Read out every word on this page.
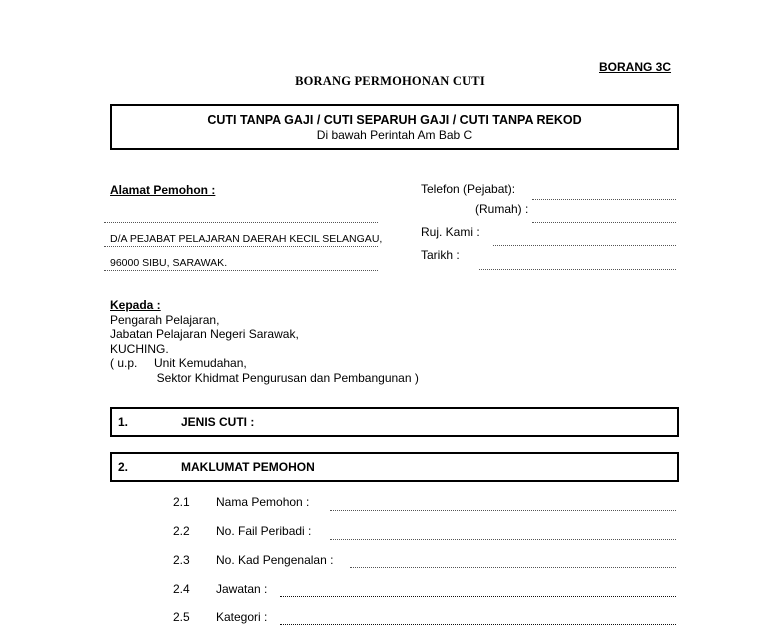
BORANG 3C
BORANG PERMOHONAN CUTI
CUTI TANPA GAJI / CUTI SEPARUH GAJI / CUTI TANPA REKOD
Di bawah Perintah Am Bab C
Alamat Pemohon :
D/A PEJABAT PELAJARAN DAERAH KECIL SELANGAU,
96000 SIBU, SARAWAK.
Telefon (Pejabat):
(Rumah) :
Ruj. Kami :
Tarikh :
Kepada :
Pengarah Pelajaran,
Jabatan Pelajaran Negeri Sarawak,
KUCHING.
( u.p.     Unit Kemudahan,
Sektor Khidmat Pengurusan dan Pembangunan )
1.	JENIS CUTI :
2.	MAKLUMAT PEMOHON
2.1 Nama Pemohon :
2.2 No. Fail Peribadi :
2.3 No. Kad Pengenalan :
2.4 Jawatan :
2.5 Kategori :
